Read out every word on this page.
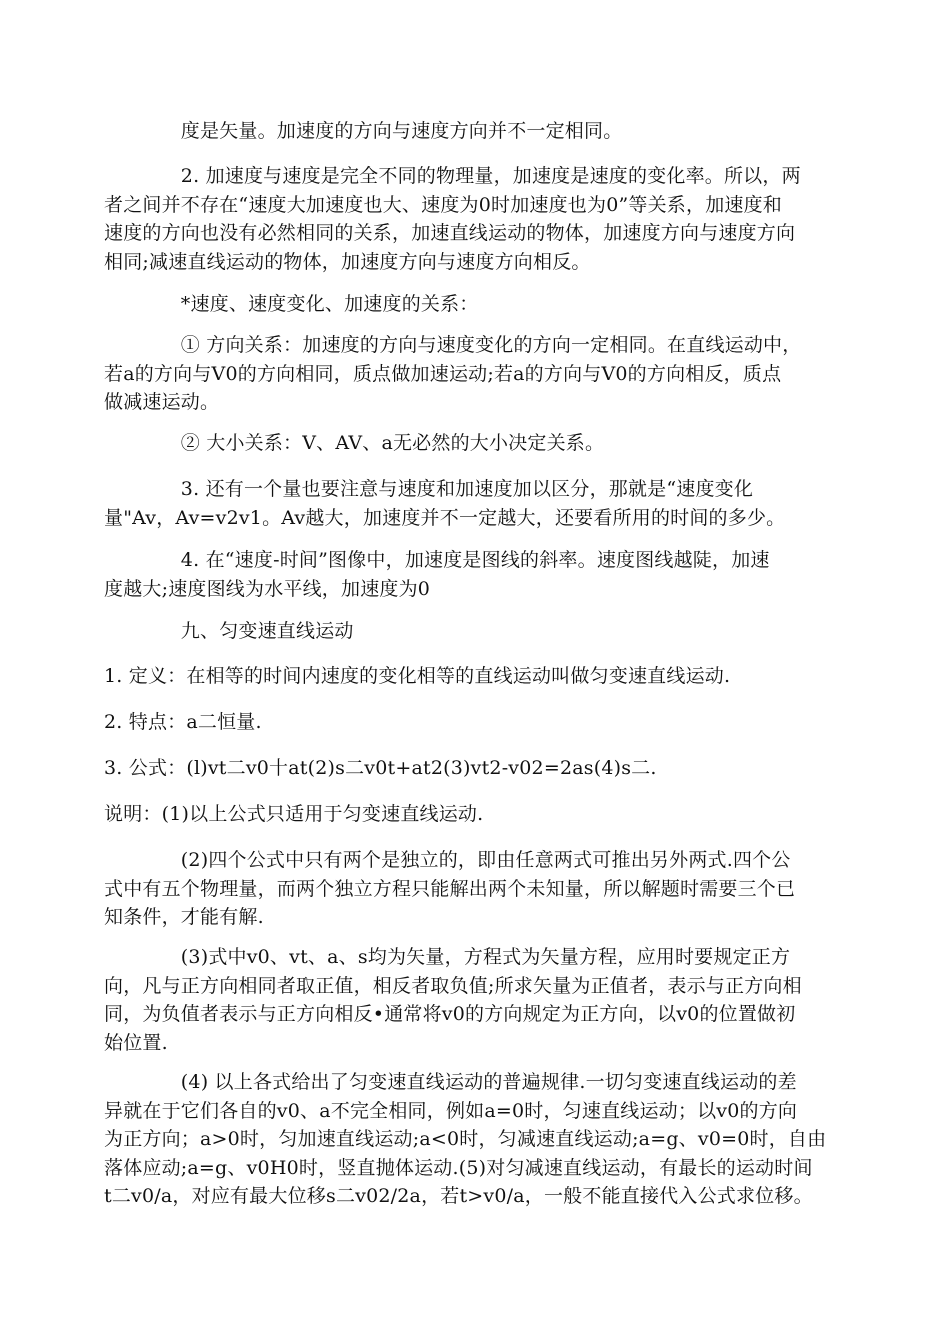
　　　　度是矢量。加速度的方向与速度方向并不一定相同。

　　　　2. 加速度与速度是完全不同的物理量，加速度是速度的变化率。所以，两
者之间并不存在“速度大加速度也大、速度为0时加速度也为0”等关系，加速度和
速度的方向也没有必然相同的关系，加速直线运动的物体，加速度方向与速度方向
相同;减速直线运动的物体，加速度方向与速度方向相反。

　　　　*速度、速度变化、加速度的关系：

　　　　① 方向关系：加速度的方向与速度变化的方向一定相同。在直线运动中，
若a的方向与V0的方向相同，质点做加速运动;若a的方向与V0的方向相反，质点
做减速运动。

　　　　② 大小关系：V、AV、a无必然的大小决定关系。

　　　　3. 还有一个量也要注意与速度和加速度加以区分，那就是“速度变化
量"Av，Av=v2v1。Av越大，加速度并不一定越大，还要看所用的时间的多少。

　　　　4. 在“速度-时间”图像中，加速度是图线的斜率。速度图线越陡，加速
度越大;速度图线为水平线，加速度为0

　　　　九、匀变速直线运动

1. 定义：在相等的时间内速度的变化相等的直线运动叫做匀变速直线运动.

2. 特点：a二恒量.

3. 公式：(l)vt二v0十at(2)s二v0t+at2(3)vt2-v02=2as(4)s二.

说明：(1)以上公式只适用于匀变速直线运动.

　　　　(2)四个公式中只有两个是独立的，即由任意两式可推出另外两式.四个公
式中有五个物理量，而两个独立方程只能解出两个未知量，所以解题时需要三个已
知条件，才能有解.

　　　　(3)式中v0、vt、a、s均为矢量，方程式为矢量方程，应用时要规定正方
向，凡与正方向相同者取正值，相反者取负值;所求矢量为正值者，表示与正方向相
同，为负值者表示与正方向相反•通常将v0的方向规定为正方向，以v0的位置做初
始位置.

　　　　(4) 以上各式给出了匀变速直线运动的普遍规律.一切匀变速直线运动的差
异就在于它们各自的v0、a不完全相同，例如a=0时，匀速直线运动；以v0的方向
为正方向；a>0时，匀加速直线运动;a<0时，匀减速直线运动;a=g、v0=0时，自由
落体应动;a=g、v0H0时，竖直抛体运动.(5)对匀减速直线运动，有最长的运动时间
t二v0/a，对应有最大位移s二v02/2a，若t>v0/a，一般不能直接代入公式求位移。
